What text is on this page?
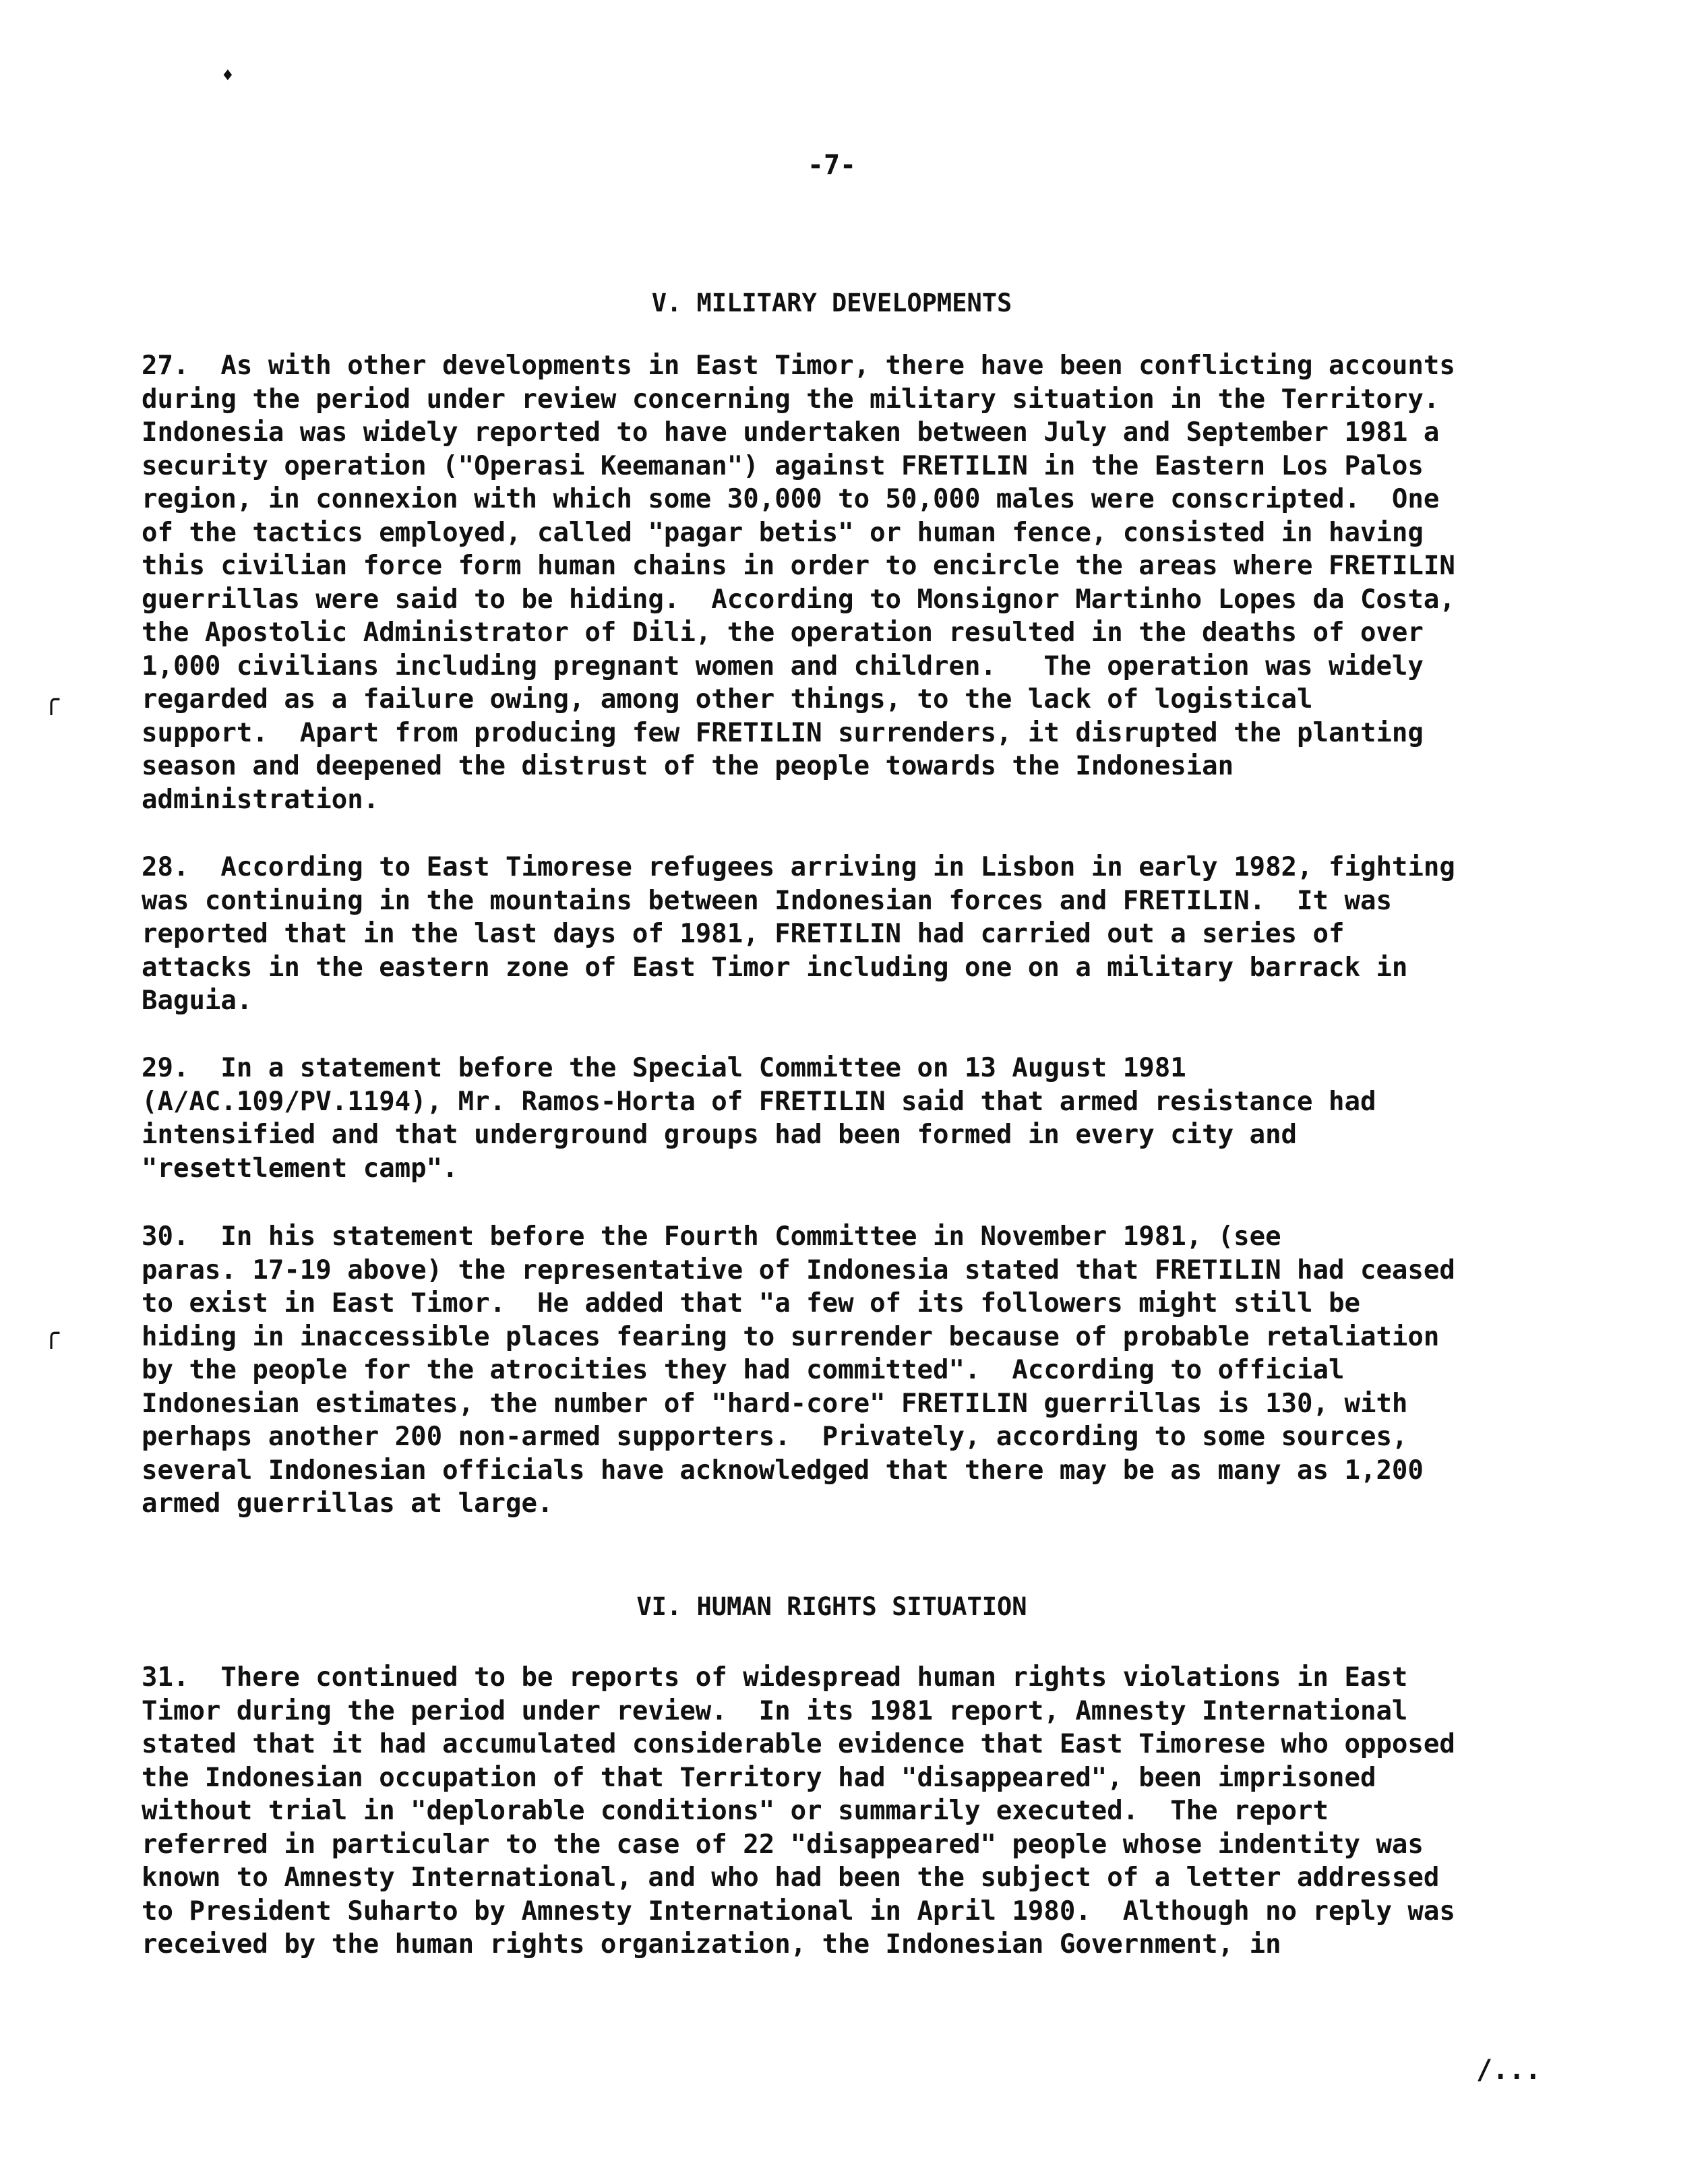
-7-
♦
╭
╭
V. MILITARY DEVELOPMENTS
27.  As with other developments in East Timor, there have been conflicting accounts
during the period under review concerning the military situation in the Territory.
Indonesia was widely reported to have undertaken between July and September 1981 a
security operation ("Operasi Keemanan") against FRETILIN in the Eastern Los Palos
region, in connexion with which some 30,000 to 50,000 males were conscripted.  One
of the tactics employed, called "pagar betis" or human fence, consisted in having
this civilian force form human chains in order to encircle the areas where FRETILIN
guerrillas were said to be hiding.  According to Monsignor Martinho Lopes da Costa,
the Apostolic Administrator of Dili, the operation resulted in the deaths of over
1,000 civilians including pregnant women and children.   The operation was widely
regarded as a failure owing, among other things, to the lack of logistical
support.  Apart from producing few FRETILIN surrenders, it disrupted the planting
season and deepened the distrust of the people towards the Indonesian
administration.
28.  According to East Timorese refugees arriving in Lisbon in early 1982, fighting
was continuing in the mountains between Indonesian forces and FRETILIN.  It was
reported that in the last days of 1981, FRETILIN had carried out a series of
attacks in the eastern zone of East Timor including one on a military barrack in
Baguia.
29.  In a statement before the Special Committee on 13 August 1981
(A/AC.109/PV.1194), Mr. Ramos-Horta of FRETILIN said that armed resistance had
intensified and that underground groups had been formed in every city and
"resettlement camp".
30.  In his statement before the Fourth Committee in November 1981, (see
paras. 17-19 above) the representative of Indonesia stated that FRETILIN had ceased
to exist in East Timor.  He added that "a few of its followers might still be
hiding in inaccessible places fearing to surrender because of probable retaliation
by the people for the atrocities they had committed".  According to official
Indonesian estimates, the number of "hard-core" FRETILIN guerrillas is 130, with
perhaps another 200 non-armed supporters.  Privately, according to some sources,
several Indonesian officials have acknowledged that there may be as many as 1,200
armed guerrillas at large.
VI. HUMAN RIGHTS SITUATION
31.  There continued to be reports of widespread human rights violations in East
Timor during the period under review.  In its 1981 report, Amnesty International
stated that it had accumulated considerable evidence that East Timorese who opposed
the Indonesian occupation of that Territory had "disappeared", been imprisoned
without trial in "deplorable conditions" or summarily executed.  The report
referred in particular to the case of 22 "disappeared" people whose indentity was
known to Amnesty International, and who had been the subject of a letter addressed
to President Suharto by Amnesty International in April 1980.  Although no reply was
received by the human rights organization, the Indonesian Government, in
/...
